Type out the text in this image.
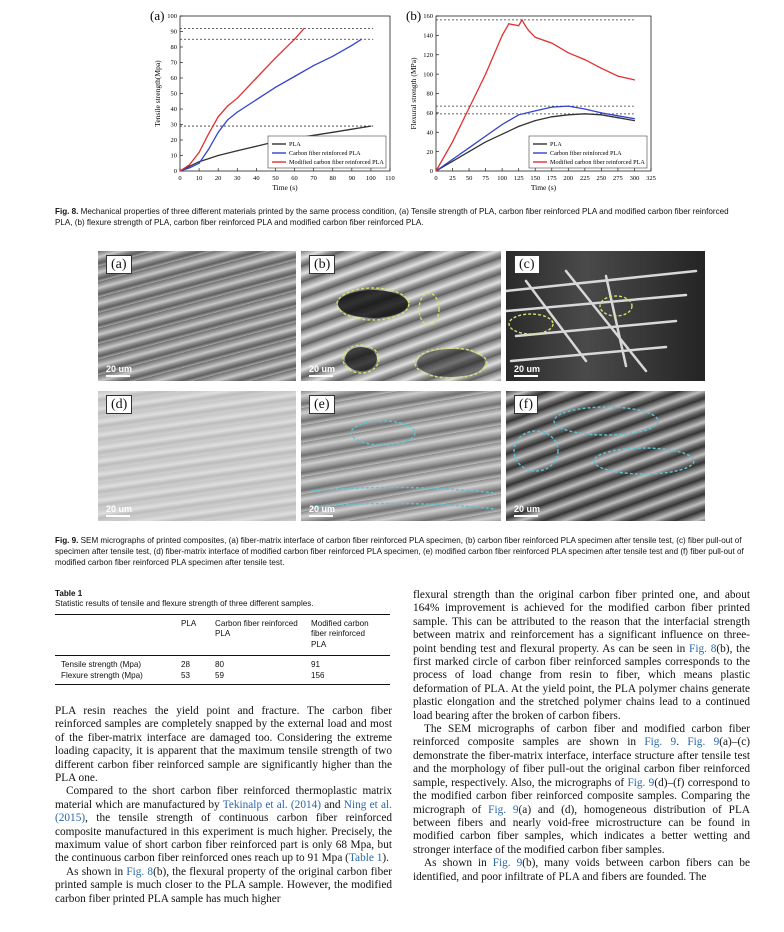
(a)
0 10 20 30 40 50 60 70 80 90 100 110
0
10
20
30
40
50
60
70
80
90
100
Time (s)
Tensile strength(Mpa)
PLA
Carbon fiber reinforced PLA
Modified carbon fiber reinforced PLA
(b)
0 25 50 75 100 125 150 175 200 225 250 275 300 325
0
20
40
60
80
100
120
140
160
Time (s)
Flexural strength (MPa)
PLA
Carbon fiber reinforced PLA
Modified carbon fiber reinforced PLA
Fig. 8. Mechanical properties of three different materials printed by the same process condition, (a) Tensile strength of PLA, carbon fiber reinforced PLA and modified carbon fiber reinforced PLA, (b) flexure strength of PLA, carbon fiber reinforced PLA and modified carbon fiber reinforced PLA.
(a)
20 um
(b)
20 um
(c)
20 um
(d)
20 um
(e)
20 um
(f)
20 um
Fig. 9. SEM micrographs of printed composites, (a) fiber-matrix interface of carbon fiber reinforced PLA specimen, (b) carbon fiber reinforced PLA specimen after tensile test, (c) fiber pull-out of specimen after tensile test, (d) fiber-matrix interface of modified carbon fiber reinforced PLA specimen, (e) modified carbon fiber reinforced PLA specimen after tensile test and (f) fiber pull-out of modified carbon fiber reinforced PLA specimen after tensile test.
Table 1
Statistic results of tensile and flexure strength of three different samples.
	PLA	Carbon fiber reinforced PLA	Modified carbon fiber reinforced PLA

Tensile strength (Mpa)	28	80	91
Flexure strength (Mpa)	53	59	156

PLA resin reaches the yield point and fracture. The carbon fiber reinforced samples are completely snapped by the external load and most of the fiber-matrix interface are damaged too. Considering the extreme loading capacity, it is apparent that the maximum tensile strength of two different carbon fiber reinforced sample are significantly higher than the PLA one.

Compared to the short carbon fiber reinforced thermoplastic matrix material which are manufactured by Tekinalp et al. (2014) and Ning et al. (2015), the tensile strength of continuous carbon fiber reinforced composite manufactured in this experiment is much higher. Precisely, the maximum value of short carbon fiber reinforced part is only 68 Mpa, but the continuous carbon fiber reinforced ones reach up to 91 Mpa (Table 1).

As shown in Fig. 8(b), the flexural property of the original carbon fiber printed sample is much closer to the PLA sample. However, the modified carbon fiber printed PLA sample has much higher

flexural strength than the original carbon fiber printed one, and about 164% improvement is achieved for the modified carbon fiber printed sample. This can be attributed to the reason that the interfacial strength between matrix and reinforcement has a significant influence on three-point bending test and flexural property. As can be seen in Fig. 8(b), the first marked circle of carbon fiber reinforced samples corresponds to the process of load change from resin to fiber, which means plastic deformation of PLA. At the yield point, the PLA polymer chains generate plastic elongation and the stretched polymer chains lead to a continued load bearing after the broken of carbon fibers.

The SEM micrographs of carbon fiber and modified carbon fiber reinforced composite samples are shown in Fig. 9. Fig. 9(a)–(c) demonstrate the fiber-matrix interface, interface structure after tensile test and the morphology of fiber pull-out the original carbon fiber reinforced sample, respectively. Also, the micrographs of Fig. 9(d)–(f) correspond to the modified carbon fiber reinforced composite samples. Comparing the micrograph of Fig. 9(a) and (d), homogeneous distribution of PLA between fibers and nearly void-free microstructure can be found in modified carbon fiber samples, which indicates a better wetting and stronger interface of the modified carbon fiber samples.

As shown in Fig. 9(b), many voids between carbon fibers can be identified, and poor infiltrate of PLA and fibers are founded. The
